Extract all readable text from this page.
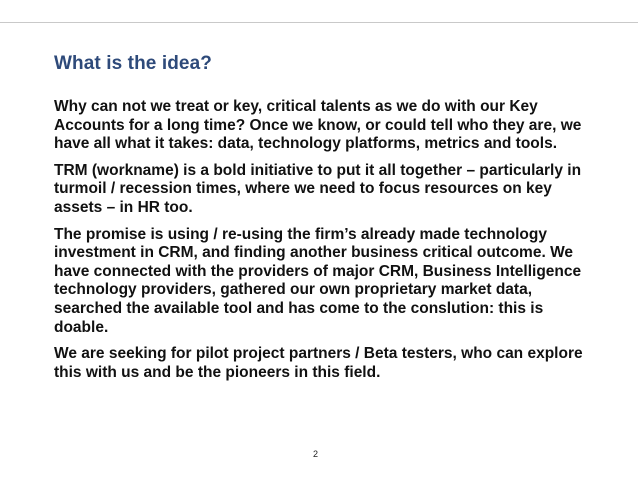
What is the idea?

Why can not we treat or key, critical talents as we do with our Key Accounts for a long time? Once we know, or could tell who they are, we have all what it takes: data, technology platforms, metrics and tools.

TRM (workname) is a bold initiative to put it all together – particularly in turmoil / recession times, where we need to focus resources on key assets – in HR too.

The promise is using / re-using the firm’s already made technology investment in CRM, and finding another business critical outcome. We have connected with the providers of major CRM, Business Intelligence technology providers, gathered our own proprietary market data, searched the available tool and has come to the conslution: this is doable.

We are seeking for pilot project partners / Beta testers, who can explore this with us and be the pioneers in this field.

2
